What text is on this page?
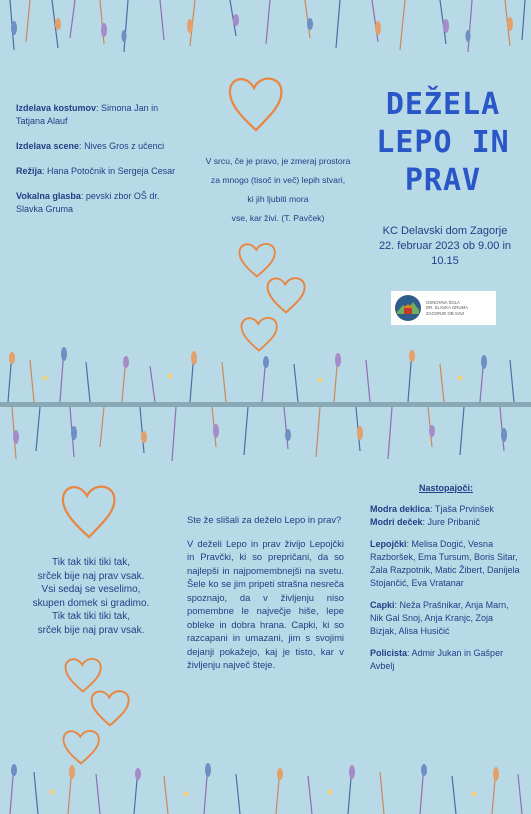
Izdelava kostumov: Simona Jan in Tatjana Alauf

Izdelava scene: Nives Gros z učenci

Režija: Hana Potočnik in Sergeja Cesar

Vokalna glasba: pevski zbor OŠ dr. Slavka Gruma

V srcu, če je pravo, je zmeraj prostora
za mnogo (tisoč in več) lepih stvari,
ki jih ljubiti mora
vse, kar živi. (T. Pavček)
DEŽELA
LEPO IN
PRAV
KC Delavski dom Zagorje
22. februar 2023 ob 9.00 in
10.15
OSNOVNA ŠOLA
DR. SLAVKA GRUMA
ZAGORJE OB SAVI
Tik tak tiki tiki tak,
srček bije naj prav vsak.
Vsi sedaj se veselimo,
skupen domek si gradimo.
Tik tak tiki tiki tak,
srček bije naj prav vsak.

Ste že slišali za deželo Lepo in prav?

V deželi Lepo in prav živijo Lepojčki in Pravčki, ki so prepričani, da so najlepši in najpomembnejši na svetu. Šele ko se jim pripeti strašna nesreča spoznajo, da v življenju niso pomembne le največje hiše, lepe obleke in dobra hrana. Capki, ki so razcapani in umazani, jim s svojimi dejanji pokažejo, kaj je tisto, kar v življenju največ šteje.

Nastopajoči:

Modra deklica: Tjaša Prvinšek
Modri deček: Jure Pribanič

Lepojčki: Melisa Dogić, Vesna Razboršek, Ema Tursum, Boris Sitar, Zala Razpotnik, Matic Žibert, Danijela Stojančić, Eva Vratanar

Capki: Neža Prašnikar, Anja Marn, Nik Gal Snoj, Anja Kranjc, Zoja Bizjak, Alisa Husičić

Policista: Admir Jukan in Gašper Avbelj
